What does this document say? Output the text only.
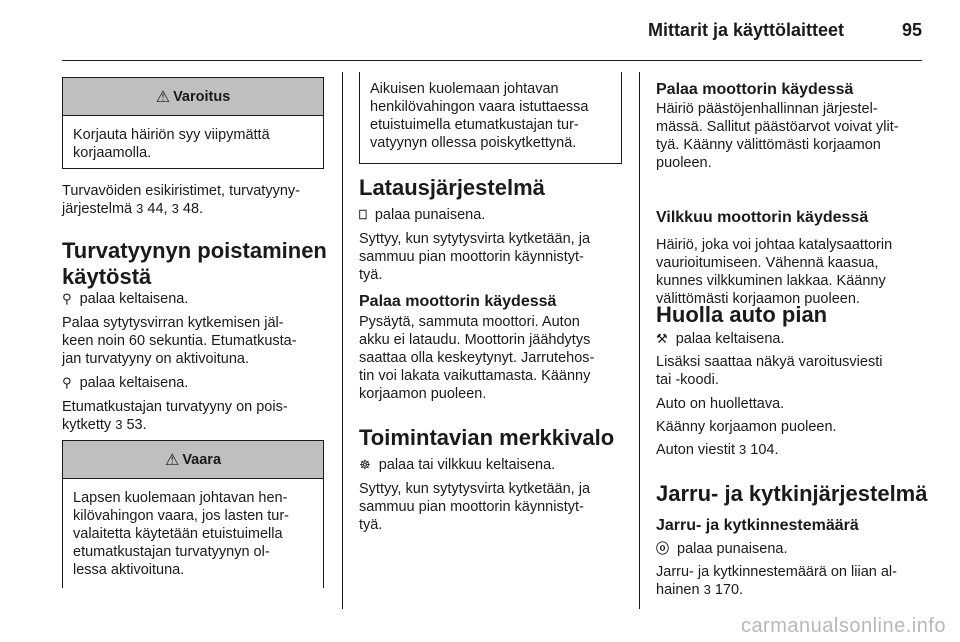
Mittarit ja käyttölaitteet	95
⚠ Varoitus

Korjauta häiriön syy viipymättä

korjaamolla.

Turvavöiden esikiristimet, turvatyyny-

järjestelmä 3 44, 3 48.

Turvatyynyn poistaminen
käytöstä

⚲ palaa keltaisena.

Palaa sytytysvirran kytkemisen jäl-

keen noin 60 sekuntia. Etumatkusta-

jan turvatyyny on aktivoituna.

⚲ palaa keltaisena.

Etumatkustajan turvatyyny on pois-

kytketty 3 53.

⚠ Vaara

Lapsen kuolemaan johtavan hen-

kilövahingon vaara, jos lasten tur-

valaitetta käytetään etuistuimella

etumatkustajan turvatyynyn ol-

lessa aktivoituna.

Aikuisen kuolemaan johtavan

henkilövahingon vaara istuttaessa

etuistuimella etumatkustajan tur-

vatyynyn ollessa poiskytkettynä.

Latausjärjestelmä

⎕ palaa punaisena.

Syttyy, kun sytytysvirta kytketään, ja

sammuu pian moottorin käynnistyt-

tyä.

Palaa moottorin käydessä

Pysäytä, sammuta moottori. Auton

akku ei lataudu. Moottorin jäähdytys

saattaa olla keskeytynyt. Jarrutehos-

tin voi lakata vaikuttamasta. Käänny

korjaamon puoleen.

Toimintavian merkkivalo

☸ palaa tai vilkkuu keltaisena.

Syttyy, kun sytytysvirta kytketään, ja

sammuu pian moottorin käynnistyt-

tyä.

Palaa moottorin käydessä

Häiriö päästöjenhallinnan järjestel-

mässä. Sallitut päästöarvot voivat ylit-

tyä. Käänny välittömästi korjaamon

puoleen.

Vilkkuu moottorin käydessä

Häiriö, joka voi johtaa katalysaattorin

vaurioitumiseen. Vähennä kaasua,

kunnes vilkkuminen lakkaa. Käänny

välittömästi korjaamon puoleen.

Huolla auto pian

⚒ palaa keltaisena.

Lisäksi saattaa näkyä varoitusviesti

tai -koodi.

Auto on huollettava.

Käänny korjaamon puoleen.

Auton viestit 3 104.

Jarru- ja kytkinjärjestelmä
Jarru- ja kytkinnestemäärä

ⓞ palaa punaisena.

Jarru- ja kytkinnestemäärä on liian al-

hainen 3 170.

carmanualsonline.info
